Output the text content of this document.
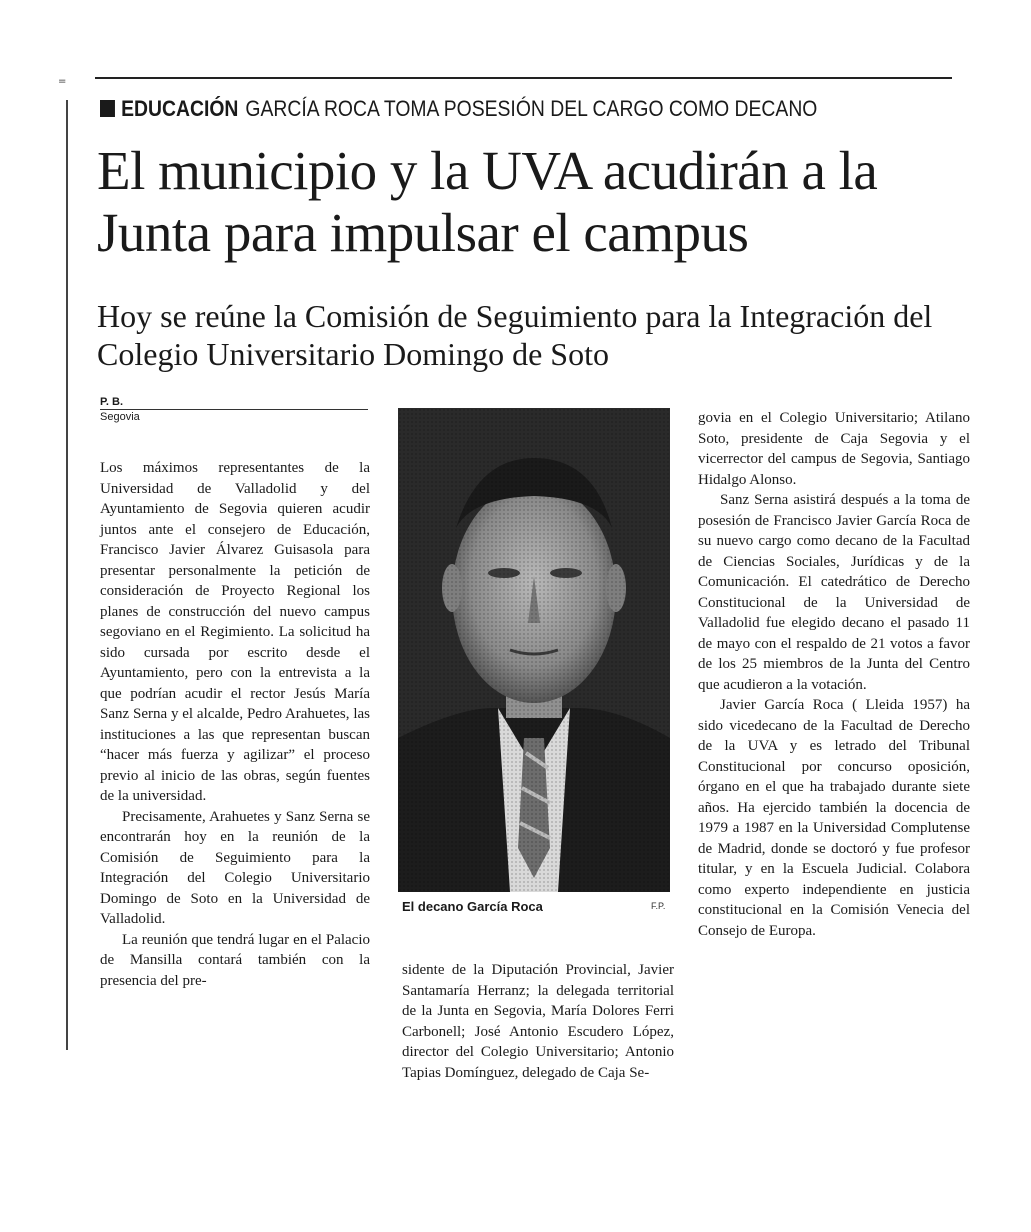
=
EDUCACIÓN GARCÍA ROCA TOMA POSESIÓN DEL CARGO COMO DECANO
El municipio y la UVA acudirán a la Junta para impulsar el campus
Hoy se reúne la Comisión de Seguimiento para la Integración del Colegio Universitario Domingo de Soto
P. B.
Segovia

Los máximos representantes de la Universidad de Valladolid y del Ayuntamiento de Segovia quieren acudir juntos ante el consejero de Educación, Francisco Javier Álvarez Guisasola para presentar personalmente la petición de consideración de Proyecto Regional los planes de construcción del nuevo campus segoviano en el Regimiento. La solicitud ha sido cursada por escrito desde el Ayuntamiento, pero con la entrevista a la que podrían acudir el rector Jesús María Sanz Serna y el alcalde, Pedro Arahuetes, las instituciones a las que representan buscan “hacer más fuerza y agilizar” el proceso previo al inicio de las obras, según fuentes de la universidad.

Precisamente, Arahuetes y Sanz Serna se encontrarán hoy en la reunión de la Comisión de Seguimiento para la Integración del Colegio Universitario Domingo de Soto en la Universidad de Valladolid.

La reunión que tendrá lugar en el Palacio de Mansilla contará también con la presencia del pre-

El decano García Roca	F.P.

sidente de la Diputación Provincial, Javier Santamaría Herranz; la delegada territorial de la Junta en Segovia, María Dolores Ferri Carbonell; José Antonio Escudero López, director del Colegio Universitario; Antonio Tapias Domínguez, delegado de Caja Se-

govia en el Colegio Universitario; Atilano Soto, presidente de Caja Segovia y el vicerrector del campus de Segovia, Santiago Hidalgo Alonso.

Sanz Serna asistirá después a la toma de posesión de Francisco Javier García Roca de su nuevo cargo como decano de la Facultad de Ciencias Sociales, Jurídicas y de la Comunicación. El catedrático de Derecho Constitucional de la Universidad de Valladolid fue elegido decano el pasado 11 de mayo con el respaldo de 21 votos a favor de los 25 miembros de la Junta del Centro que acudieron a la votación.

Javier García Roca ( Lleida 1957) ha sido vicedecano de la Facultad de Derecho de la UVA y es letrado del Tribunal Constitucional por concurso oposición, órgano en el que ha trabajado durante siete años. Ha ejercido también la docencia de 1979 a 1987 en la Universidad Complutense de Madrid, donde se doctoró y fue profesor titular, y en la Escuela Judicial. Colabora como experto independiente en justicia constitucional en la Comisión Venecia del Consejo de Europa.
